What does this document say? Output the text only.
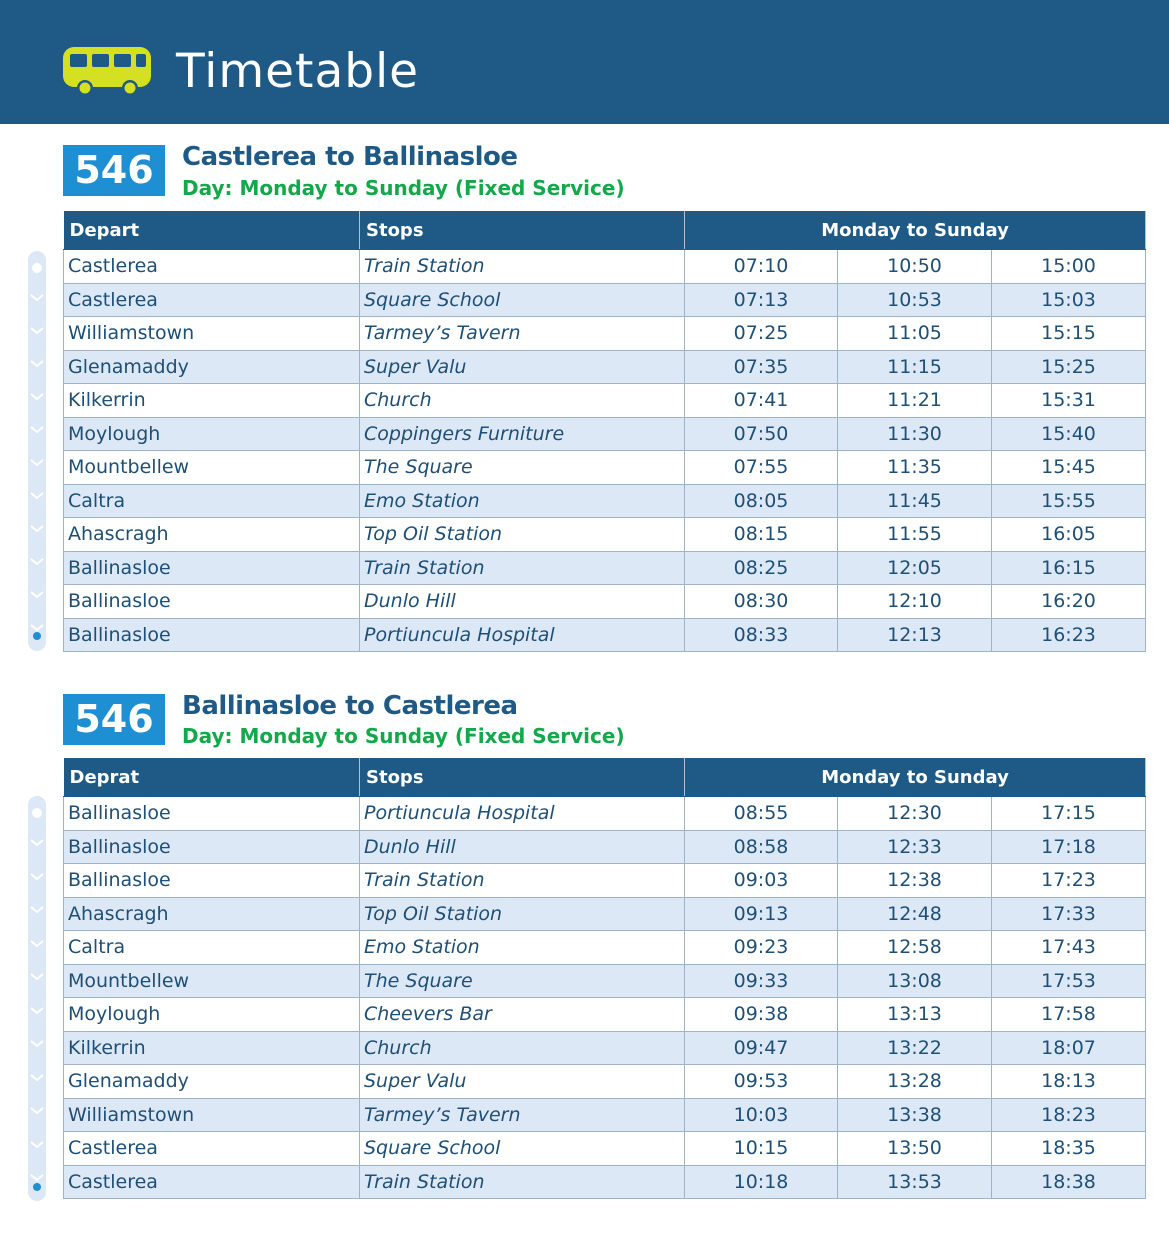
Timetable
546	Castlerea to Ballinasloe
Day: Monday to Sunday (Fixed Service)
Depart	Stops	Monday to Sunday		
Castlerea	Train Station	07:10	10:50	15:00
Castlerea	Square School	07:13	10:53	15:03
Williamstown	Tarmey’s Tavern	07:25	11:05	15:15
Glenamaddy	Super Valu	07:35	11:15	15:25
Kilkerrin	Church	07:41	11:21	15:31
Moylough	Coppingers Furniture	07:50	11:30	15:40
Mountbellew	The Square	07:55	11:35	15:45
Caltra	Emo Station	08:05	11:45	15:55
Ahascragh	Top Oil Station	08:15	11:55	16:05
Ballinasloe	Train Station	08:25	12:05	16:15
Ballinasloe	Dunlo Hill	08:30	12:10	16:20
Ballinasloe	Portiuncula Hospital	08:33	12:13	16:23
546	Ballinasloe to Castlerea
Day: Monday to Sunday (Fixed Service)
Deprat	Stops	Monday to Sunday		
Ballinasloe	Portiuncula Hospital	08:55	12:30	17:15
Ballinasloe	Dunlo Hill	08:58	12:33	17:18
Ballinasloe	Train Station	09:03	12:38	17:23
Ahascragh	Top Oil Station	09:13	12:48	17:33
Caltra	Emo Station	09:23	12:58	17:43
Mountbellew	The Square	09:33	13:08	17:53
Moylough	Cheevers Bar	09:38	13:13	17:58
Kilkerrin	Church	09:47	13:22	18:07
Glenamaddy	Super Valu	09:53	13:28	18:13
Williamstown	Tarmey’s Tavern	10:03	13:38	18:23
Castlerea	Square School	10:15	13:50	18:35
Castlerea	Train Station	10:18	13:53	18:38
